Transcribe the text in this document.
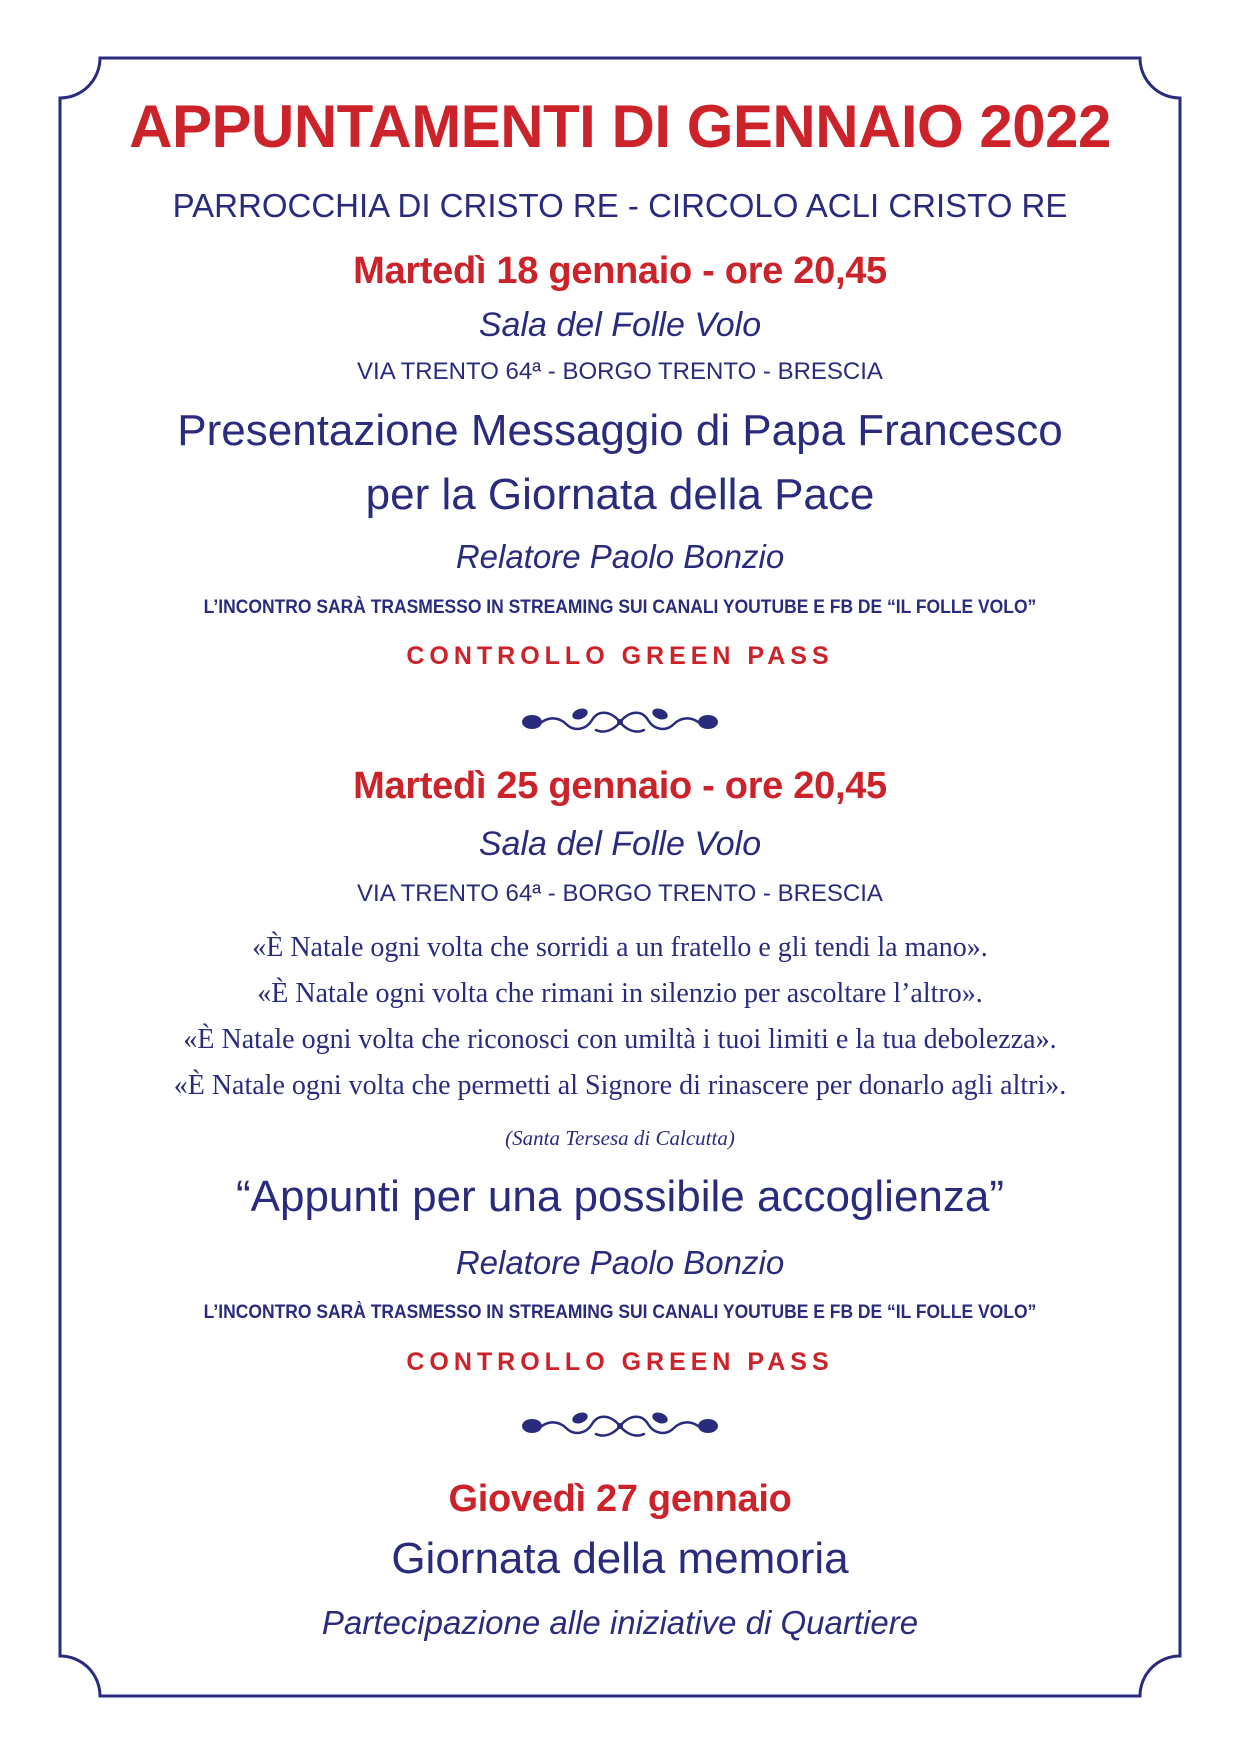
APPUNTAMENTI DI GENNAIO 2022

PARROCCHIA DI CRISTO RE - CIRCOLO ACLI CRISTO RE

Martedì 18 gennaio - ore 20,45

Sala del Folle Volo

VIA TRENTO 64ª - BORGO TRENTO - BRESCIA

Presentazione Messaggio di Papa Francesco

per la Giornata della Pace

Relatore Paolo Bonzio

L’INCONTRO SARÀ TRASMESSO IN STREAMING SUI CANALI YOUTUBE E FB DE “IL FOLLE VOLO”

CONTROLLO GREEN PASS

Martedì 25 gennaio - ore 20,45

Sala del Folle Volo

VIA TRENTO 64ª - BORGO TRENTO - BRESCIA

«È Natale ogni volta che sorridi a un fratello e gli tendi la mano».

«È Natale ogni volta che rimani in silenzio per ascoltare l’altro».

«È Natale ogni volta che riconosci con umiltà i tuoi limiti e la tua debolezza».

«È Natale ogni volta che permetti al Signore di rinascere per donarlo agli altri».

(Santa Tersesa di Calcutta)

“Appunti per una possibile accoglienza”

Relatore Paolo Bonzio

L’INCONTRO SARÀ TRASMESSO IN STREAMING SUI CANALI YOUTUBE E FB DE “IL FOLLE VOLO”

CONTROLLO GREEN PASS

Giovedì 27 gennaio

Giornata della memoria

Partecipazione alle iniziative di Quartiere
